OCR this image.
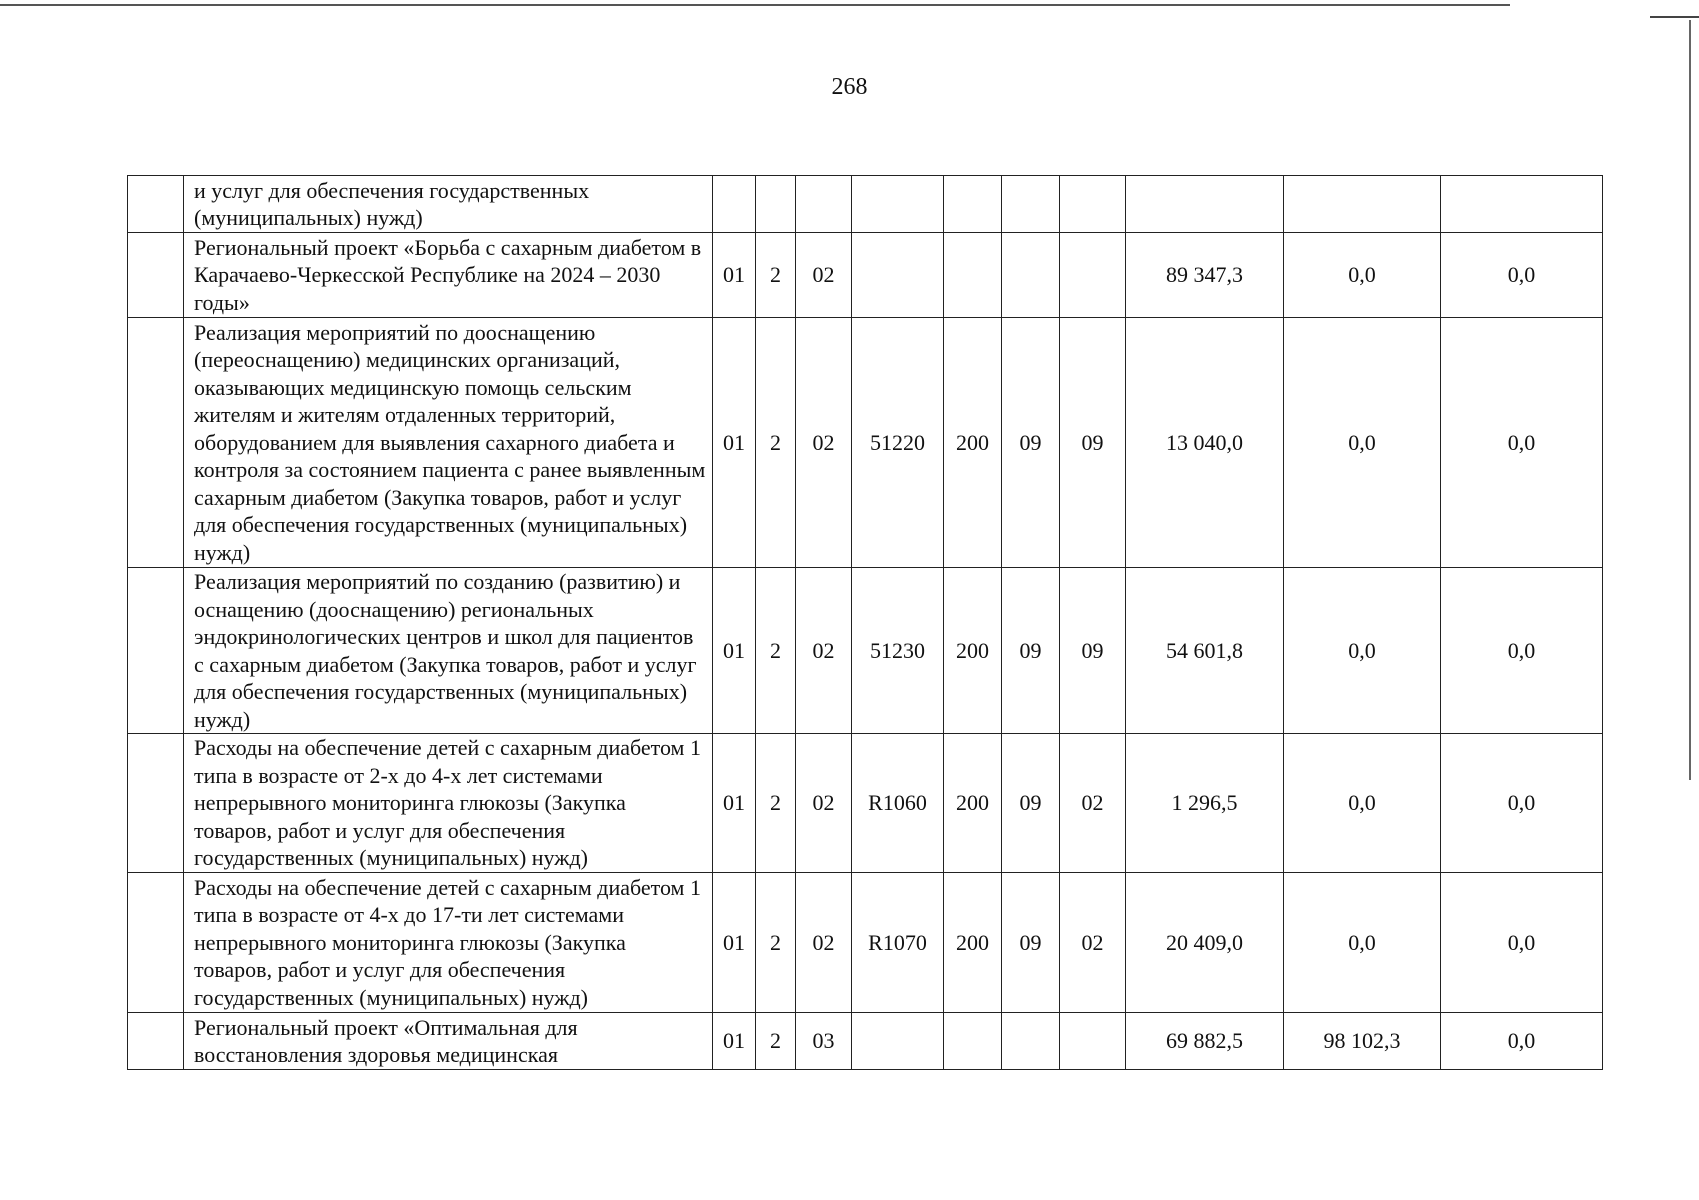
268
	и услуг для обеспечения государственных (муниципальных) нужд)										
	Региональный проект «Борьба с сахарным диабетом в Карачаево-Черкесской Республике на 2024 – 2030 годы»	01	2	02					89 347,3	0,0	0,0
	Реализация мероприятий по дооснащению (переоснащению) медицинских организаций, оказывающих медицинскую помощь сельским жителям и жителям отдаленных территорий, оборудованием для выявления сахарного диабета и контроля за состоянием пациента с ранее выявленным сахарным диабетом (Закупка товаров, работ и услуг для обеспечения государственных (муниципальных) нужд)	01	2	02	51220	200	09	09	13 040,0	0,0	0,0
	Реализация мероприятий по созданию (развитию) и оснащению (дооснащению) региональных эндокринологических центров и школ для пациентов с сахарным диабетом (Закупка товаров, работ и услуг для обеспечения государственных (муниципальных) нужд)	01	2	02	51230	200	09	09	54 601,8	0,0	0,0
	Расходы на обеспечение детей с сахарным диабетом 1 типа в возрасте от 2-х до 4-х лет системами непрерывного мониторинга глюкозы (Закупка товаров, работ и услуг для обеспечения государственных (муниципальных) нужд)	01	2	02	R1060	200	09	02	1 296,5	0,0	0,0
	Расходы на обеспечение детей с сахарным диабетом 1 типа в возрасте от 4-х до 17-ти лет системами непрерывного мониторинга глюкозы (Закупка товаров, работ и услуг для обеспечения государственных (муниципальных) нужд)	01	2	02	R1070	200	09	02	20 409,0	0,0	0,0
	Региональный проект «Оптимальная для восстановления здоровья медицинская	01	2	03					69 882,5	98 102,3	0,0
